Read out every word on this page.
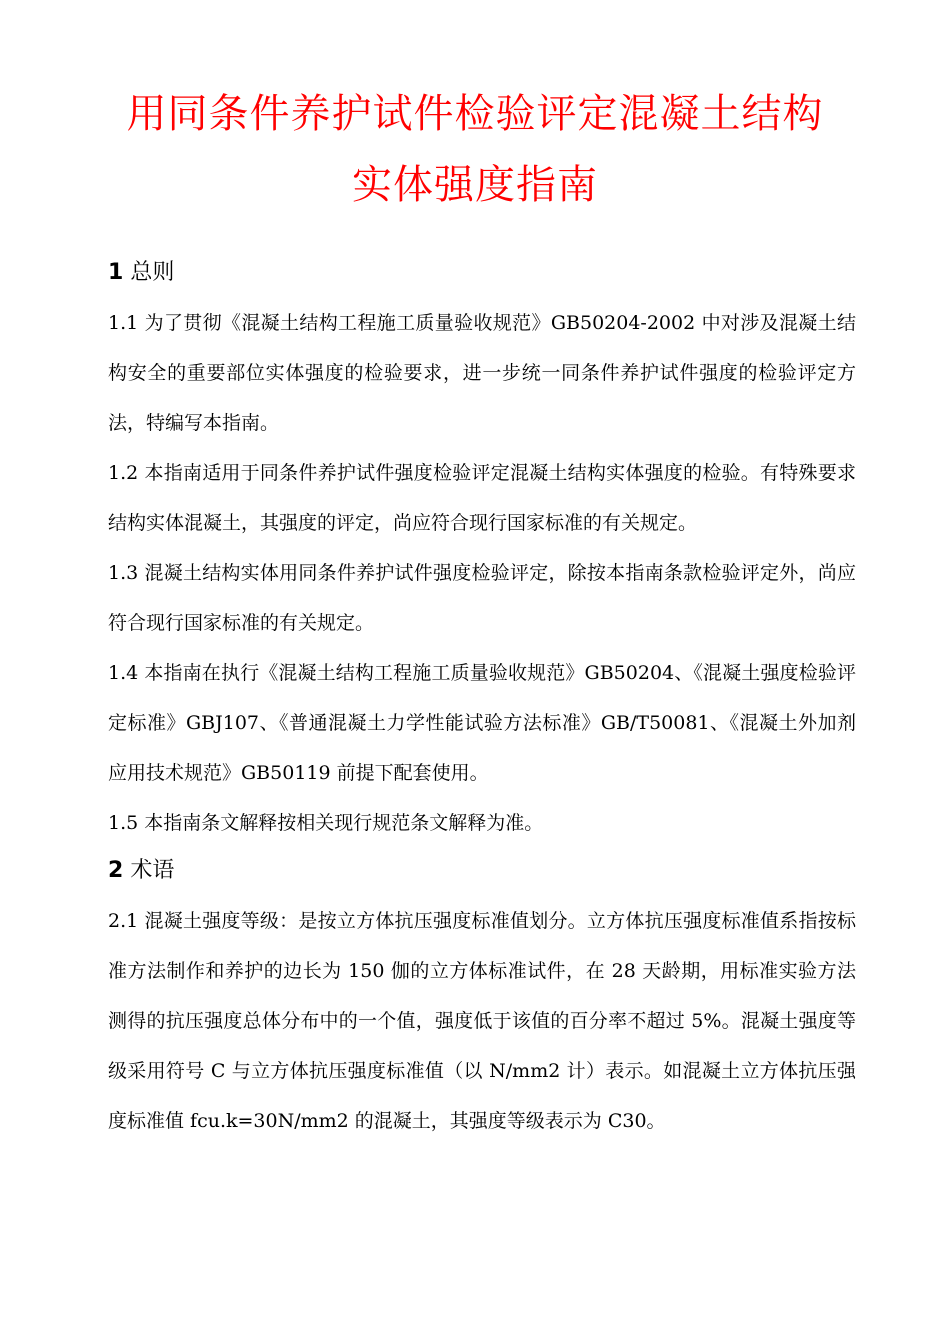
用同条件养护试件检验评定混凝土结构
实体强度指南
1 总则

1.1 为了贯彻《混凝土结构工程施工质量验收规范》GB50204-2002 中对涉及混凝土结构安全的重要部位实体强度的检验要求，进一步统一同条件养护试件强度的检验评定方法，特编写本指南。

1.2 本指南适用于同条件养护试件强度检验评定混凝土结构实体强度的检验。有特殊要求结构实体混凝土，其强度的评定，尚应符合现行国家标准的有关规定。

1.3 混凝土结构实体用同条件养护试件强度检验评定，除按本指南条款检验评定外，尚应符合现行国家标准的有关规定。

1.4 本指南在执行《混凝土结构工程施工质量验收规范》GB50204、《混凝土强度检验评定标准》GBJ107、《普通混凝土力学性能试验方法标准》GB/T50081、《混凝土外加剂应用技术规范》GB50119 前提下配套使用。

1.5 本指南条文解释按相关现行规范条文解释为准。

2 术语

2.1 混凝土强度等级：是按立方体抗压强度标准值划分。立方体抗压强度标准值系指按标准方法制作和养护的边长为 150 伽的立方体标准试件，在 28 天龄期，用标准实验方法测得的抗压强度总体分布中的一个值，强度低于该值的百分率不超过 5%。混凝土强度等级采用符号 C 与立方体抗压强度标准值（以 N/mm2 计）表示。如混凝土立方体抗压强度标准值 fcu.k=30N/mm2 的混凝土，其强度等级表示为 C30。
